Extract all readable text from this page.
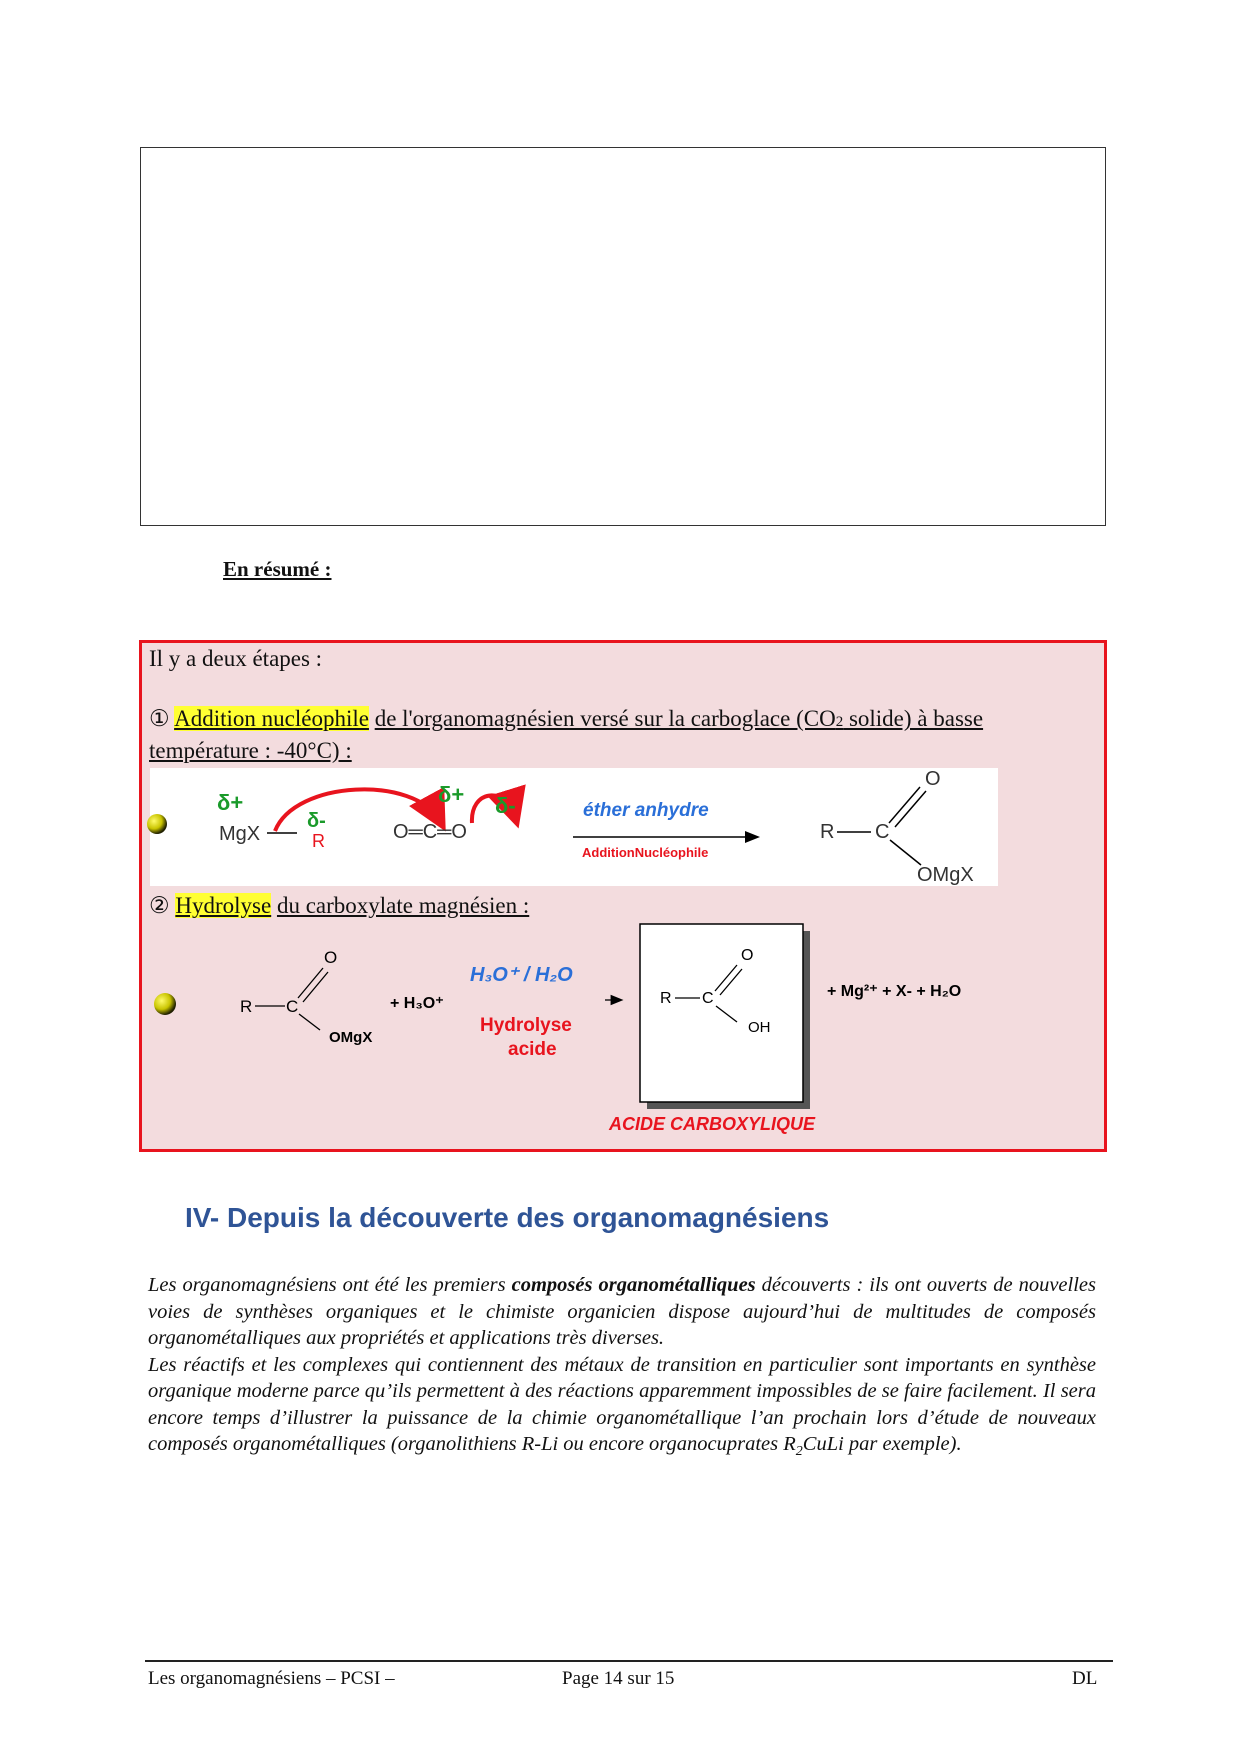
En résumé :
Il y a deux étapes :
① Addition nucléophile de l'organomagnésien versé sur la carboglace (CO2 solide) à basse
température : -40°C) :
δ+
MgX
δ-
R
δ+
O═C═O
δ-	éther anhydre
AdditionNucléophile
R C
O
OMgX
② Hydrolyse du carboxylate magnésien :
R C
O
OMgX
+ H₃O⁺
H₃O⁺ / H₂O
Hydrolyse
acide
R C
O
OH
+ Mg²⁺ + X- + H₂O
ACIDE CARBOXYLIQUE
IV- Depuis la découverte des organomagnésiens

Les organomagnésiens ont été les premiers composés organométalliques découverts : ils ont ouverts de nouvelles voies de synthèses organiques et le chimiste organicien dispose aujourd’hui de multitudes de composés organométalliques aux propriétés et applications très diverses.

Les réactifs et les complexes qui contiennent des métaux de transition en particulier sont importants en synthèse organique moderne parce qu’ils permettent à des réactions apparemment impossibles de se faire facilement. Il sera encore temps d’illustrer la puissance de la chimie organométallique l’an prochain lors d’étude de nouveaux composés organométalliques (organolithiens R-Li ou encore organocuprates $R_2CuLi$ par exemple).

Les organomagnésiens – PCSI –	Page 14 sur 15	DL
